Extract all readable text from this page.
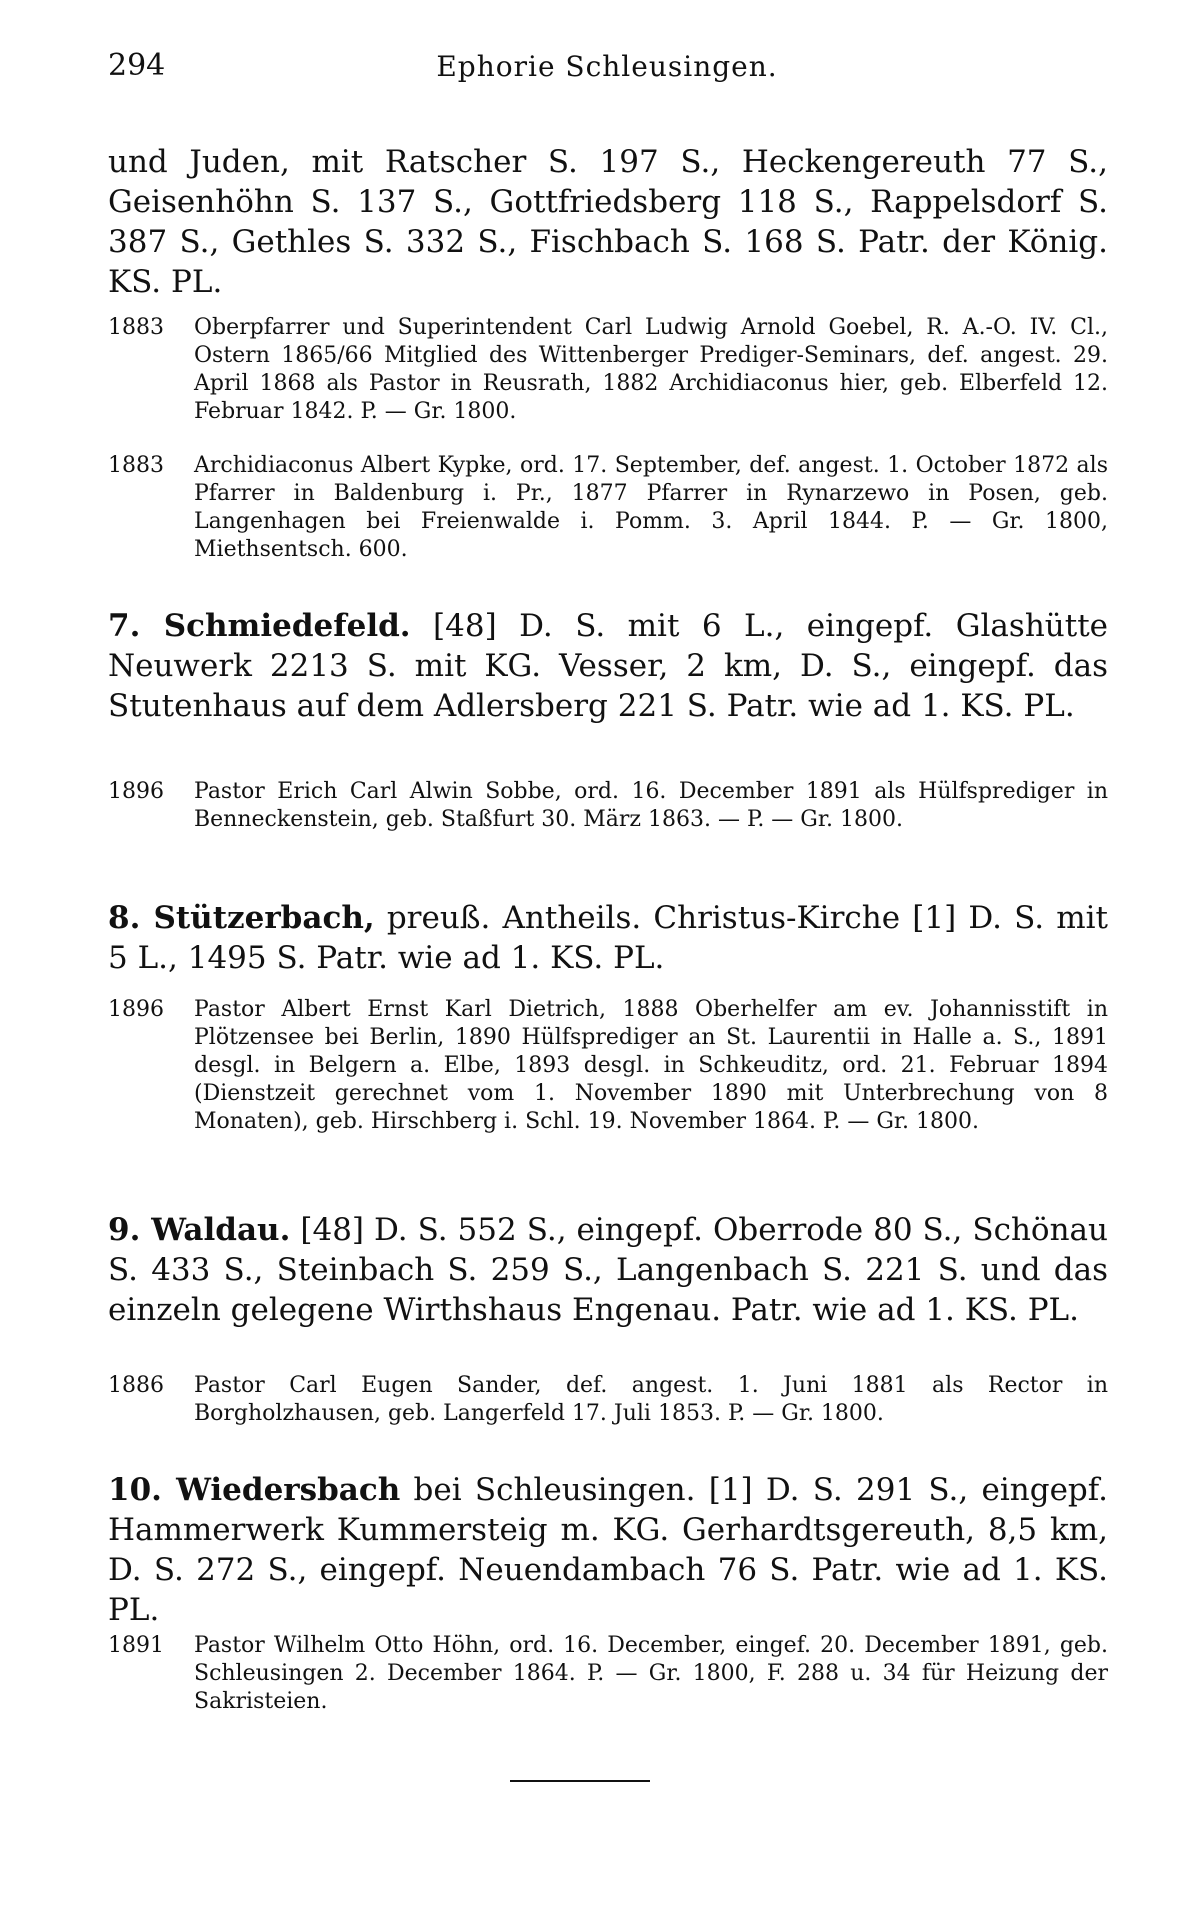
294	Ephorie Schleusingen.
und Juden, mit Ratscher S. 197 S., Heckengereuth 77 S., Geisenhöhn S. 137 S., Gottfriedsberg 118 S., Rappelsdorf S. 387 S., Gethles S. 332 S., Fischbach S. 168 S. Patr. der König. KS. PL.
1883	Oberpfarrer und Superintendent Carl Ludwig Arnold Goebel, R. A.-O. IV. Cl., Ostern 1865/66 Mitglied des Wittenberger Prediger-Seminars, def. angest. 29. April 1868 als Pastor in Reusrath, 1882 Archidiaconus hier, geb. Elberfeld 12. Februar 1842. P. — Gr. 1800.
1883	Archidiaconus Albert Kypke, ord. 17. September, def. angest. 1. October 1872 als Pfarrer in Baldenburg i. Pr., 1877 Pfarrer in Rynarzewo in Posen, geb. Langenhagen bei Freienwalde i. Pomm. 3. April 1844. P. — Gr. 1800, Miethsentsch. 600.
7. Schmiedefeld. [48] D. S. mit 6 L., eingepf. Glashütte Neuwerk 2213 S. mit KG. Vesser, 2 km, D. S., eingepf. das Stutenhaus auf dem Adlersberg 221 S. Patr. wie ad 1. KS. PL.
1896	Pastor Erich Carl Alwin Sobbe, ord. 16. December 1891 als Hülfsprediger in Benneckenstein, geb. Staßfurt 30. März 1863. — P. — Gr. 1800.
8. Stützerbach, preuß. Antheils. Christus-Kirche [1] D. S. mit 5 L., 1495 S. Patr. wie ad 1. KS. PL.
1896	Pastor Albert Ernst Karl Dietrich, 1888 Oberhelfer am ev. Johannisstift in Plötzensee bei Berlin, 1890 Hülfsprediger an St. Laurentii in Halle a. S., 1891 desgl. in Belgern a. Elbe, 1893 desgl. in Schkeuditz, ord. 21. Februar 1894 (Dienstzeit gerechnet vom 1. November 1890 mit Unterbrechung von 8 Monaten), geb. Hirschberg i. Schl. 19. November 1864. P. — Gr. 1800.
9. Waldau. [48] D. S. 552 S., eingepf. Oberrode 80 S., Schönau S. 433 S., Steinbach S. 259 S., Langenbach S. 221 S. und das einzeln gelegene Wirthshaus Engenau. Patr. wie ad 1. KS. PL.
1886	Pastor Carl Eugen Sander, def. angest. 1. Juni 1881 als Rector in Borgholzhausen, geb. Langerfeld 17. Juli 1853. P. — Gr. 1800.
10. Wiedersbach bei Schleusingen. [1] D. S. 291 S., eingepf. Hammerwerk Kummersteig m. KG. Gerhardtsgereuth, 8,5 km, D. S. 272 S., eingepf. Neuendambach 76 S. Patr. wie ad 1. KS. PL.
1891	Pastor Wilhelm Otto Höhn, ord. 16. December, eingef. 20. December 1891, geb. Schleusingen 2. December 1864. P. — Gr. 1800, F. 288 u. 34 für Heizung der Sakristeien.
